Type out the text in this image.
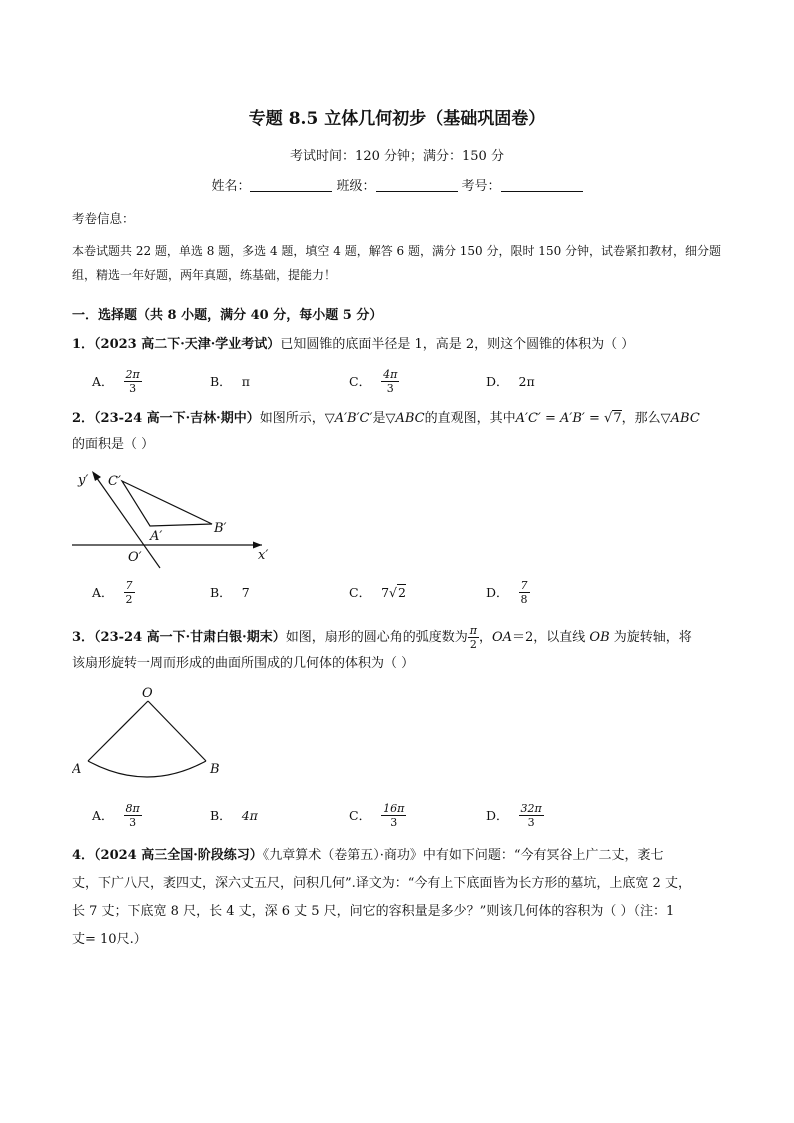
专题 8.5 立体几何初步（基础巩固卷）
考试时间：120 分钟；满分：150 分
姓名：	班级：	考号：
考卷信息：
本卷试题共 22 题，单选 8 题，多选 4 题，填空 4 题，解答 6 题，满分 150 分，限时 150 分钟，试卷紧扣教材，细分题组，精选一年好题，两年真题，练基础，提能力！
一．选择题（共 8 小题，满分 40 分，每小题 5 分）
1．（2023 高二下·天津·学业考试）已知圆锥的底面半径是 1，高是 2，则这个圆锥的体积为（ ）
A． $\frac{2\pi}{3}$	B． π	C． $\frac{4\pi}{3}$	D． 2π
2．（23-24 高一下·吉林·期中）如图所示，▽A′B′C′是▽ABC的直观图，其中A′C′ = A′B′ = √7，那么▽ABC
的面积是（ ）
y′
x′
C′
A′
B′
O′
A． $\frac{7}{2}$	B． 7	C． 7 √2	D． $\frac{7}{8}$
3．（23-24 高一下·甘肃白银·期末）如图，扇形的圆心角的弧度数为 $\frac{\pi}{2}$ ，OA＝2，以直线 OB 为旋转轴，将
该扇形旋转一周而形成的曲面所围成的几何体的体积为（ ）
O
A	B
A． $\frac{8\pi}{3}$	B． 4π	C． $\frac{16\pi}{3}$	D． $\frac{32\pi}{3}$
4．（2024 高三全国·阶段练习）《九章算术（卷第五）·商功》中有如下问题：“今有冥谷上广二丈，袤七
丈，下广八尺，袤四丈，深六丈五尺，问积几何”.译文为：“今有上下底面皆为长方形的墓坑，上底宽 2 丈，
长 7 丈；下底宽 8 尺，长 4 丈，深 6 丈 5 尺，问它的容积量是多少？”则该几何体的容积为（ ）（注：1
丈= 10尺.）
